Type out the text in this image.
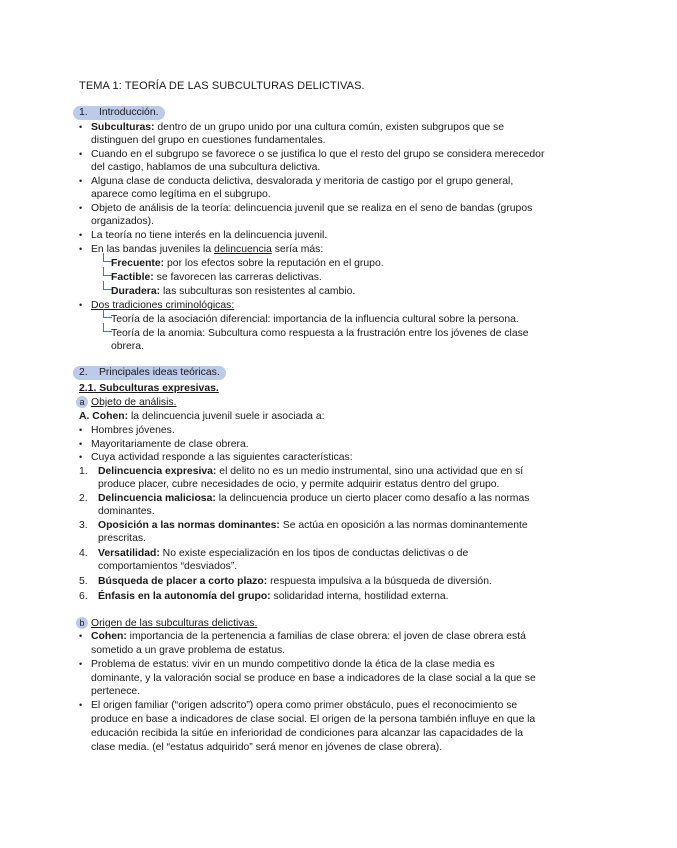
TEMA 1: TEORÍA DE LAS SUBCULTURAS DELICTIVAS.
1. Introducción.
• Subculturas: dentro de un grupo unido por una cultura común, existen subgrupos que se
distinguen del grupo en cuestiones fundamentales.
• Cuando en el subgrupo se favorece o se justifica lo que el resto del grupo se considera merecedor
del castigo, hablamos de una subcultura delictiva.
• Alguna clase de conducta delictiva, desvalorada y meritoria de castigo por el grupo general,
aparece como legítima en el subgrupo.
• Objeto de análisis de la teoría: delincuencia juvenil que se realiza en el seno de bandas (grupos
organizados).
• La teoría no tiene interés en la delincuencia juvenil.
• En las bandas juveniles la delincuencia sería más:
Frecuente: por los efectos sobre la reputación en el grupo.
Factible: se favorecen las carreras delictivas.
Duradera: las subculturas son resistentes al cambio.
• Dos tradiciones criminológicas:
Teoría de la asociación diferencial: importancia de la influencia cultural sobre la persona.
Teoría de la anomia: Subcultura como respuesta a la frustración entre los jóvenes de clase
obrera.
2. Principales ideas teóricas.
2.1. Subculturas expresivas.
a Objeto de análisis.
A. Cohen: la delincuencia juvenil suele ir asociada a:
• Hombres jóvenes.
• Mayoritariamente de clase obrera.
• Cuya actividad responde a las siguientes características:
1. Delincuencia expresiva: el delito no es un medio instrumental, sino una actividad que en sí
produce placer, cubre necesidades de ocio, y permite adquirir estatus dentro del grupo.
2. Delincuencia maliciosa: la delincuencia produce un cierto placer como desafío a las normas
dominantes.
3. Oposición a las normas dominantes: Se actúa en oposición a las normas dominantemente
prescritas.
4. Versatilidad: No existe especialización en los tipos de conductas delictivas o de
comportamientos “desviados”.
5. Búsqueda de placer a corto plazo: respuesta impulsiva a la búsqueda de diversión.
6. Énfasis en la autonomía del grupo: solidaridad interna, hostilidad externa.
b Origen de las subculturas delictivas.
• Cohen: importancia de la pertenencia a familias de clase obrera: el joven de clase obrera está
sometido a un grave problema de estatus.
• Problema de estatus: vivir en un mundo competitivo donde la ética de la clase media es
dominante, y la valoración social se produce en base a indicadores de la clase social a la que se
pertenece.
• El origen familiar (“origen adscrito”) opera como primer obstáculo, pues el reconocimiento se
produce en base a indicadores de clase social. El origen de la persona también influye en que la
educación recibida la sitúe en inferioridad de condiciones para alcanzar las capacidades de la
clase media. (el “estatus adquirido” será menor en jóvenes de clase obrera).
